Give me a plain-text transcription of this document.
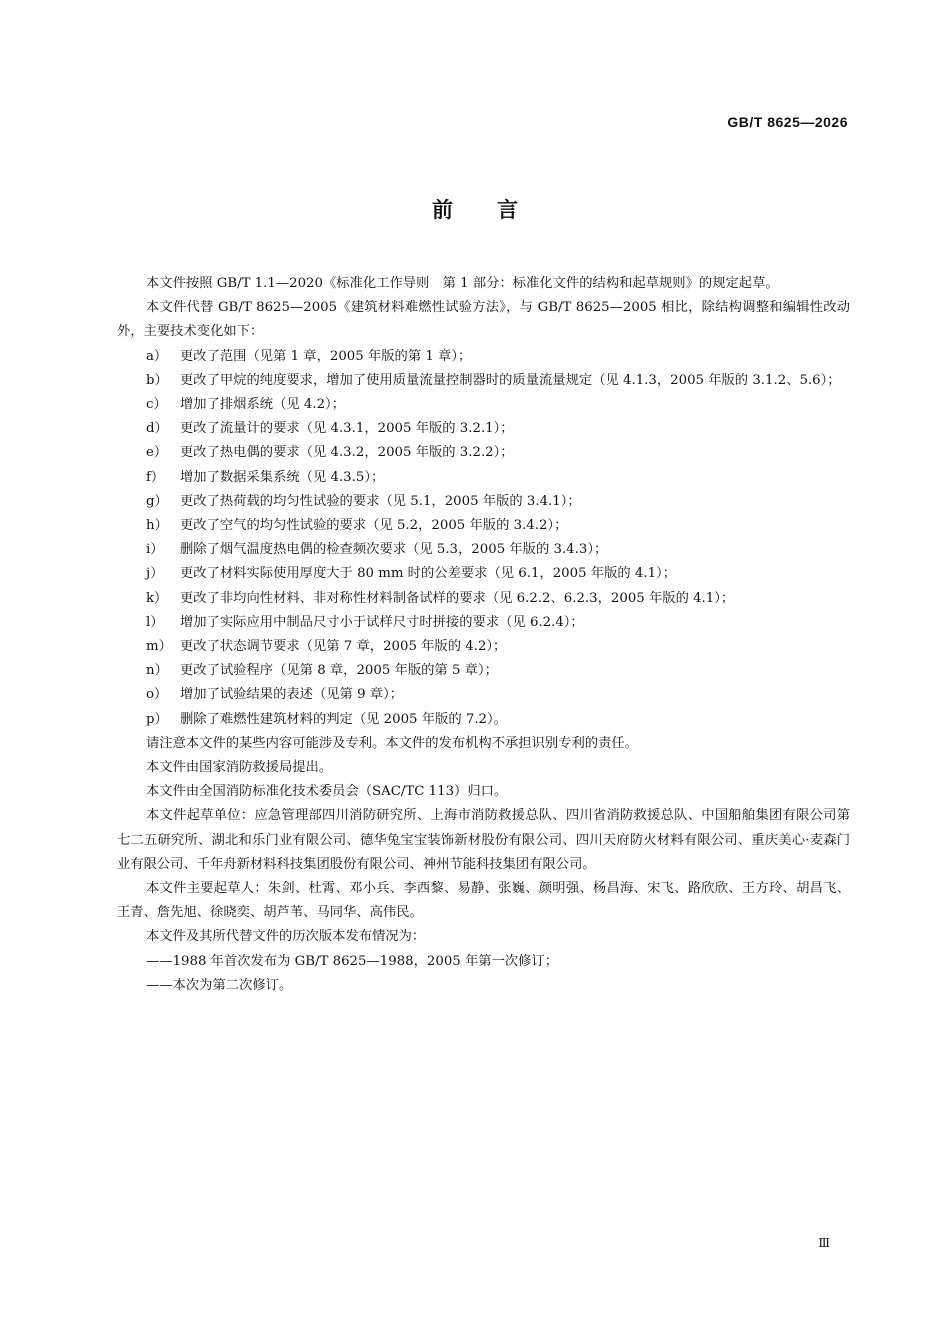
GB/T 8625—2026
前言

本文件按照 GB/T 1.1—2020《标准化工作导则　第 1 部分：标准化文件的结构和起草规则》的规定起草。

本文件代替 GB/T 8625—2005《建筑材料难燃性试验方法》，与 GB/T 8625—2005 相比，除结构调整和编辑性改动外，主要技术变化如下：

a） 更改了范围（见第 1 章，2005 年版的第 1 章）；
b） 更改了甲烷的纯度要求，增加了使用质量流量控制器时的质量流量规定（见 4.1.3，2005 年版的 3.1.2、5.6）；
c） 增加了排烟系统（见 4.2）；
d） 更改了流量计的要求（见 4.3.1，2005 年版的 3.2.1）；
e） 更改了热电偶的要求（见 4.3.2，2005 年版的 3.2.2）；
f）	增加了数据采集系统（见 4.3.5）；
g） 更改了热荷载的均匀性试验的要求（见 5.1，2005 年版的 3.4.1）；
h） 更改了空气的均匀性试验的要求（见 5.2，2005 年版的 3.4.2）；
i）	删除了烟气温度热电偶的检查频次要求（见 5.3，2005 年版的 3.4.3）；
j）	更改了材料实际使用厚度大于 80 mm 时的公差要求（见 6.1，2005 年版的 4.1）；
k） 更改了非均向性材料、非对称性材料制备试样的要求（见 6.2.2、6.2.3，2005 年版的 4.1）；
l）	增加了实际应用中制品尺寸小于试样尺寸时拼接的要求（见 6.2.4）；
m） 更改了状态调节要求（见第 7 章，2005 年版的 4.2）；
n） 更改了试验程序（见第 8 章，2005 年版的第 5 章）；
o） 增加了试验结果的表述（见第 9 章）；
p） 删除了难燃性建筑材料的判定（见 2005 年版的 7.2）。

请注意本文件的某些内容可能涉及专利。本文件的发布机构不承担识别专利的责任。

本文件由国家消防救援局提出。

本文件由全国消防标准化技术委员会（SAC/TC 113）归口。

本文件起草单位：应急管理部四川消防研究所、上海市消防救援总队、四川省消防救援总队、中国船舶集团有限公司第七二五研究所、湖北和乐门业有限公司、德华兔宝宝装饰新材股份有限公司、四川天府防火材料有限公司、重庆美心·麦森门业有限公司、千年舟新材料科技集团股份有限公司、神州节能科技集团有限公司。

本文件主要起草人：朱剑、杜霄、邓小兵、李西黎、易静、张巍、颜明强、杨昌海、宋飞、路欣欣、王方玲、胡昌飞、王青、詹先旭、徐晓奕、胡芦苇、马同华、高伟民。

本文件及其所代替文件的历次版本发布情况为：

——1988 年首次发布为 GB/T 8625—1988，2005 年第一次修订；

——本次为第二次修订。

Ⅲ
